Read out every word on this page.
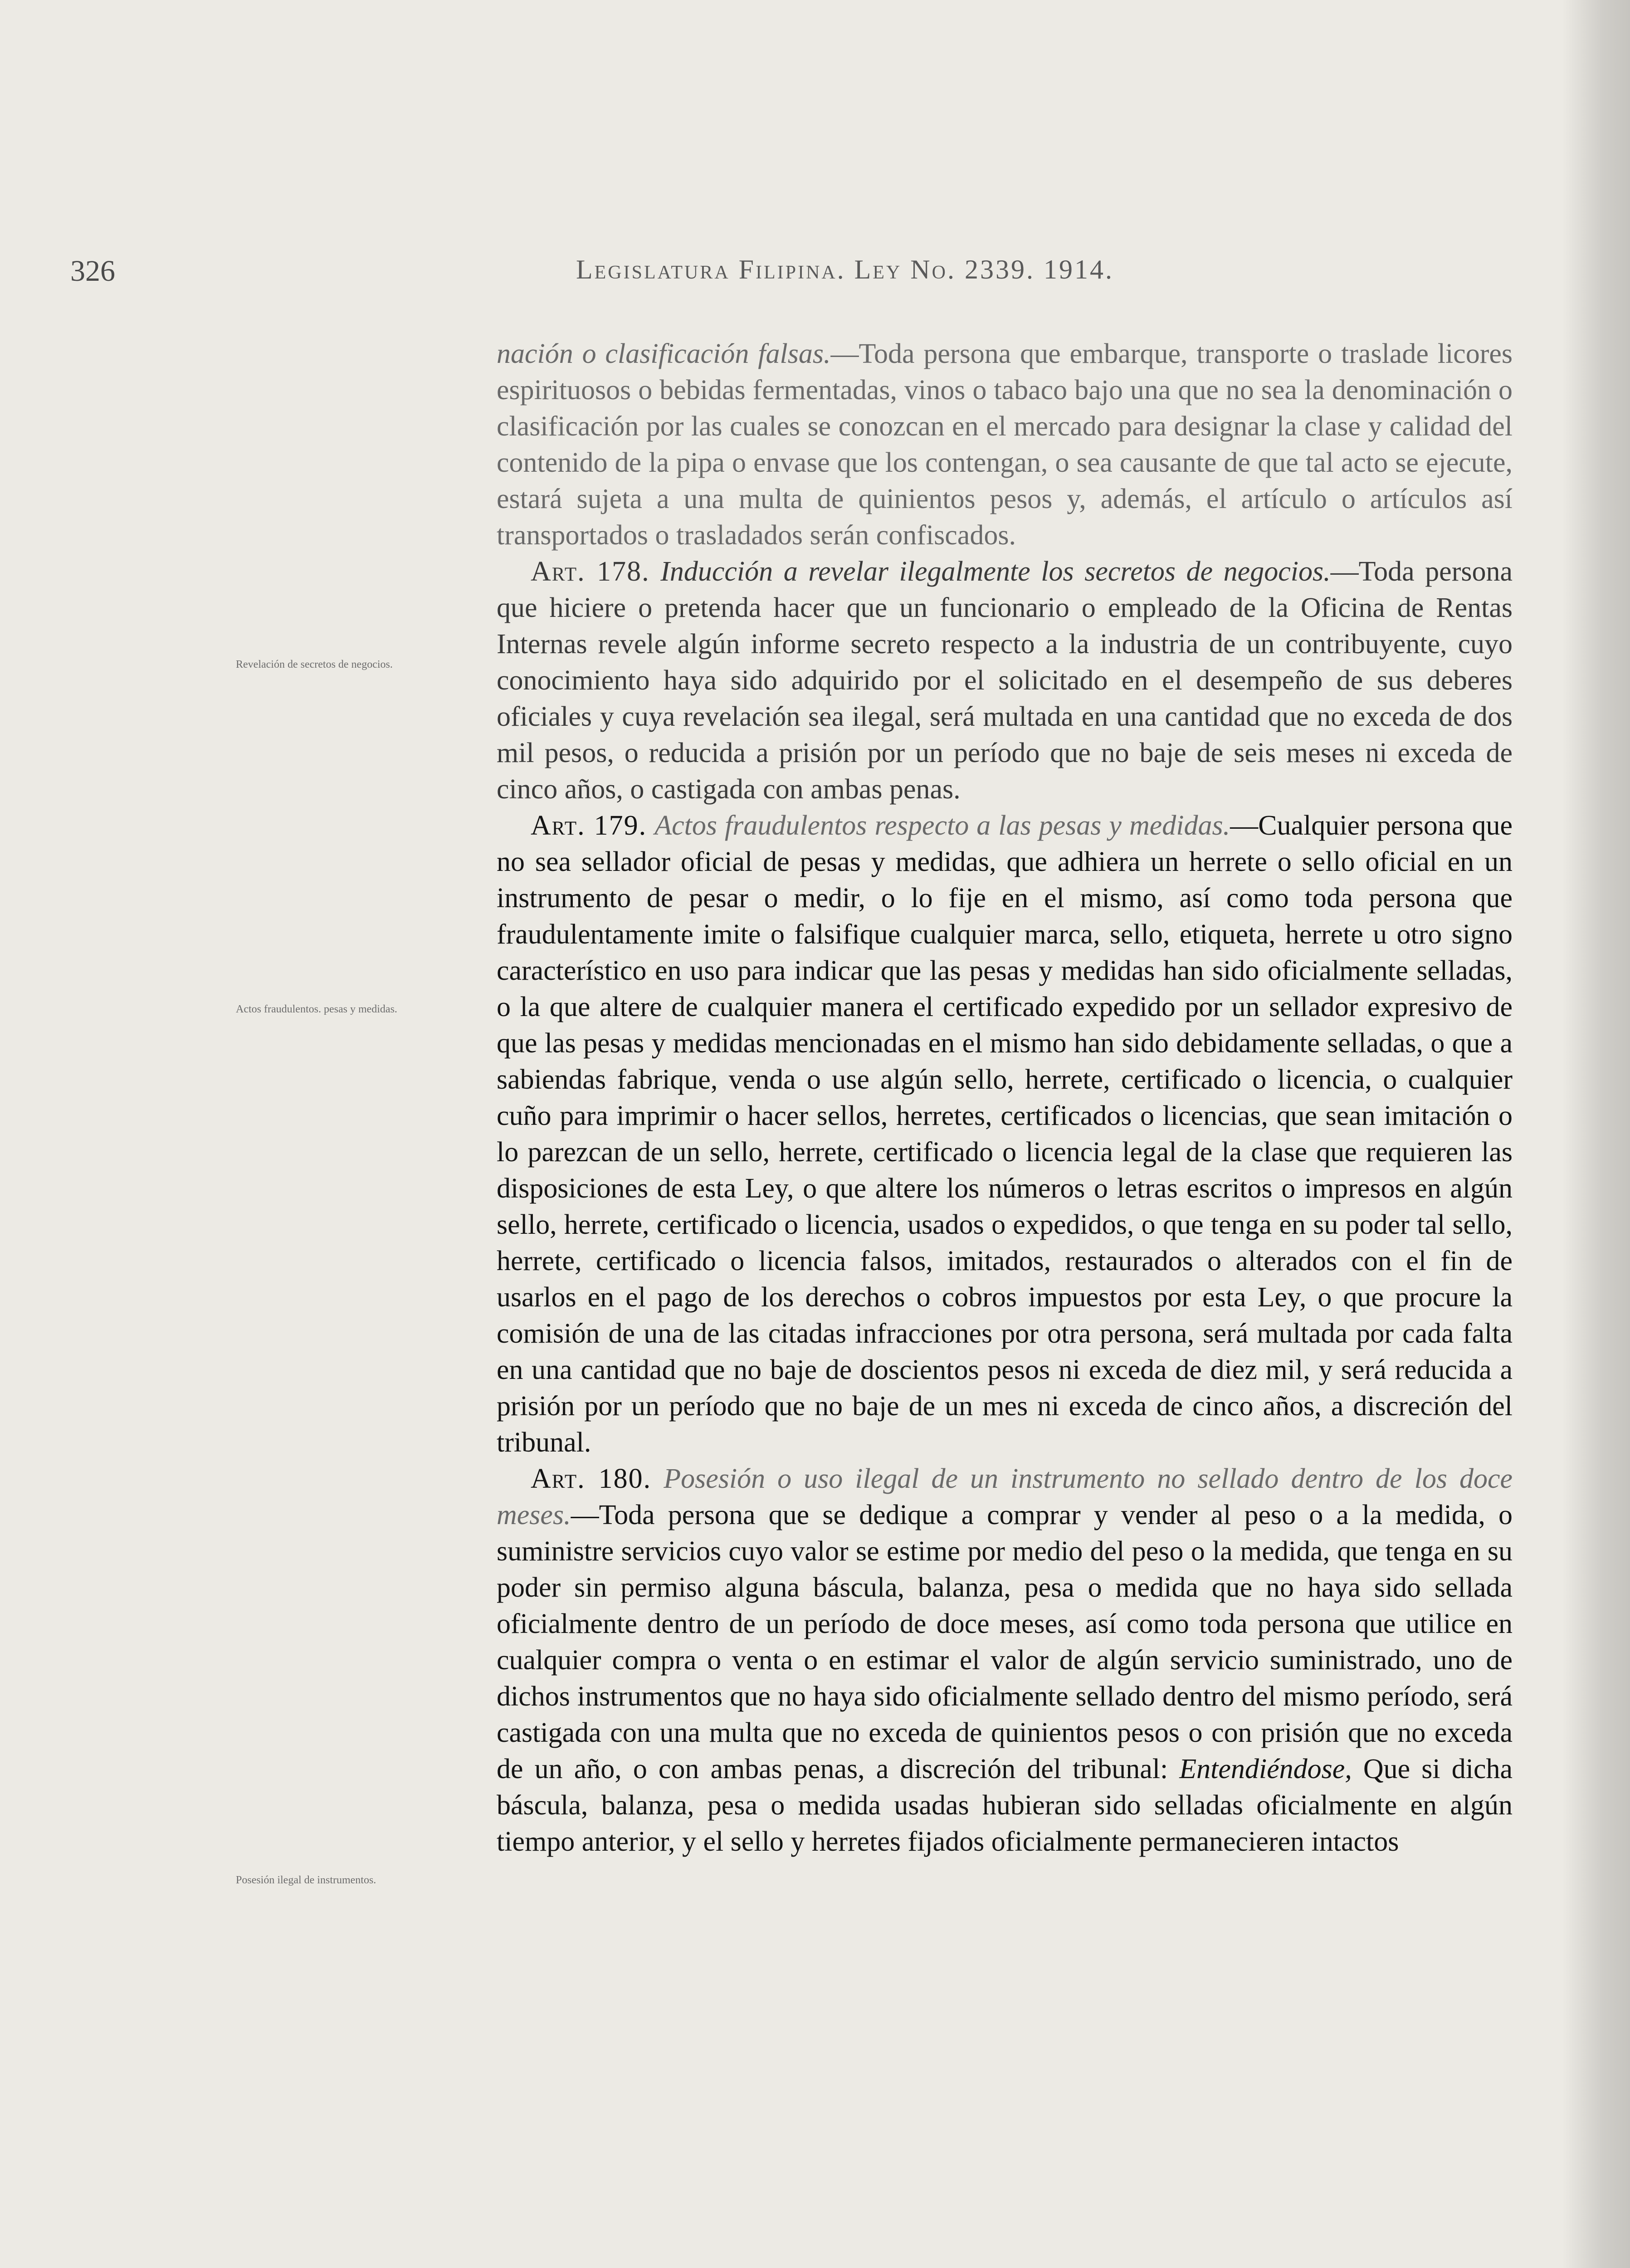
326	Legislatura Filipina. Ley No. 2339. 1914.
Revelación de secretos de negocios.
Actos fraudulentos. pesas y medidas.
Posesión ilegal de instrumentos.

nación o clasificación falsas.—Toda persona que embarque, transporte o traslade licores espirituosos o bebidas fermentadas, vinos o tabaco bajo una que no sea la denominación o clasificación por las cuales se conozcan en el mercado para designar la clase y calidad del contenido de la pipa o envase que los contengan, o sea causante de que tal acto se ejecute, estará sujeta a una multa de quinientos pesos y, además, el artículo o artículos así transportados o trasladados serán confiscados.

Art. 178. Inducción a revelar ilegalmente los secretos de negocios.—Toda persona que hiciere o pretenda hacer que un funcionario o empleado de la Oficina de Rentas Internas revele algún informe secreto respecto a la industria de un contribuyente, cuyo conocimiento haya sido adquirido por el solicitado en el desempeño de sus deberes oficiales y cuya revelación sea ilegal, será multada en una cantidad que no exceda de dos mil pesos, o reducida a prisión por un período que no baje de seis meses ni exceda de cinco años, o castigada con ambas penas.

Art. 179. Actos fraudulentos respecto a las pesas y medidas.—Cualquier persona que no sea sellador oficial de pesas y medidas, que adhiera un herrete o sello oficial en un instrumento de pesar o medir, o lo fije en el mismo, así como toda persona que fraudulentamente imite o falsifique cualquier marca, sello, etiqueta, herrete u otro signo característico en uso para indicar que las pesas y medidas han sido oficialmente selladas, o la que altere de cualquier manera el certificado expedido por un sellador expresivo de que las pesas y medidas mencionadas en el mismo han sido debidamente selladas, o que a sabiendas fabrique, venda o use algún sello, herrete, certificado o licencia, o cualquier cuño para imprimir o hacer sellos, herretes, certificados o licencias, que sean imitación o lo parezcan de un sello, herrete, certificado o licencia legal de la clase que requieren las disposiciones de esta Ley, o que altere los números o letras escritos o impresos en algún sello, herrete, certificado o licencia, usados o expedidos, o que tenga en su poder tal sello, herrete, certificado o licencia falsos, imitados, restaurados o alterados con el fin de usarlos en el pago de los derechos o cobros impuestos por esta Ley, o que procure la comisión de una de las citadas infracciones por otra persona, será multada por cada falta en una cantidad que no baje de doscientos pesos ni exceda de diez mil, y será reducida a prisión por un período que no baje de un mes ni exceda de cinco años, a discreción del tribunal.

Art. 180. Posesión o uso ilegal de un instrumento no sellado dentro de los doce meses.—Toda persona que se dedique a comprar y vender al peso o a la medida, o suministre servicios cuyo valor se estime por medio del peso o la medida, que tenga en su poder sin permiso alguna báscula, balanza, pesa o medida que no haya sido sellada oficialmente dentro de un período de doce meses, así como toda persona que utilice en cualquier compra o venta o en estimar el valor de algún servicio suministrado, uno de dichos instrumentos que no haya sido oficialmente sellado dentro del mismo período, será castigada con una multa que no exceda de quinientos pesos o con prisión que no exceda de un año, o con ambas penas, a discreción del tribunal: Entendiéndose, Que si dicha báscula, balanza, pesa o medida usadas hubieran sido selladas oficialmente en algún tiempo anterior, y el sello y herretes fijados oficialmente permanecieren intactos
